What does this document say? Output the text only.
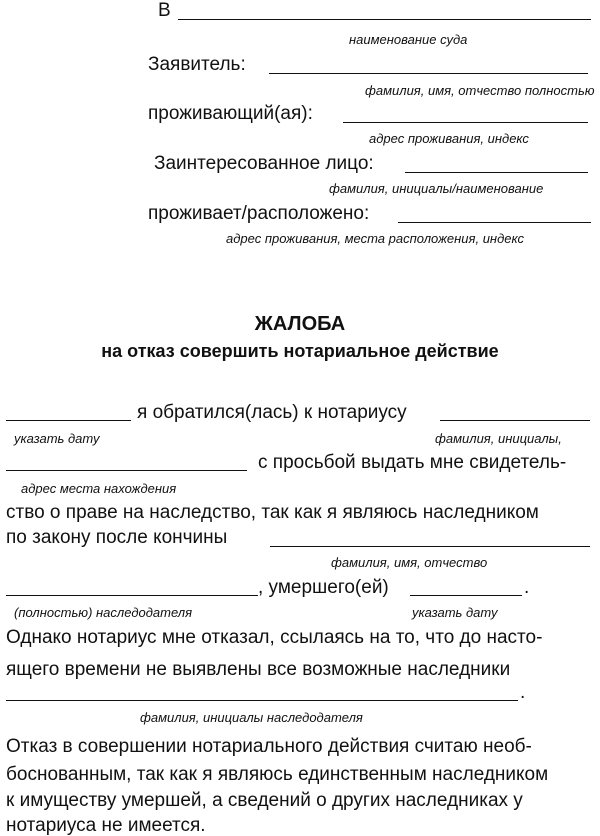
В
наименование суда
Заявитель:
фамилия, имя, отчество полностью
проживающий(ая):
адрес проживания, индекс
Заинтересованное лицо:
фамилия, инициалы/наименование
проживает/расположено:
адрес проживания, места расположения, индекс
ЖАЛОБА
на отказ совершить нотариальное действие
я обратился(лась) к нотариусу
указать дату	фамилия, инициалы,
с просьбой выдать мне свидетель-
адрес места нахождения
ство о праве на наследство, так как я являюсь наследником
по закону после кончины
фамилия, имя, отчество
, умершего(ей)	.
(полностью) наследодателя	указать дату
Однако нотариус мне отказал, ссылаясь на то, что до насто-
ящего времени не выявлены все возможные наследники
.
фамилия, инициалы наследодателя
Отказ в совершении нотариального действия считаю необ-
боснованным, так как я являюсь единственным наследником
к имуществу умершей, а сведений о других наследниках у
нотариуса не имеется.
